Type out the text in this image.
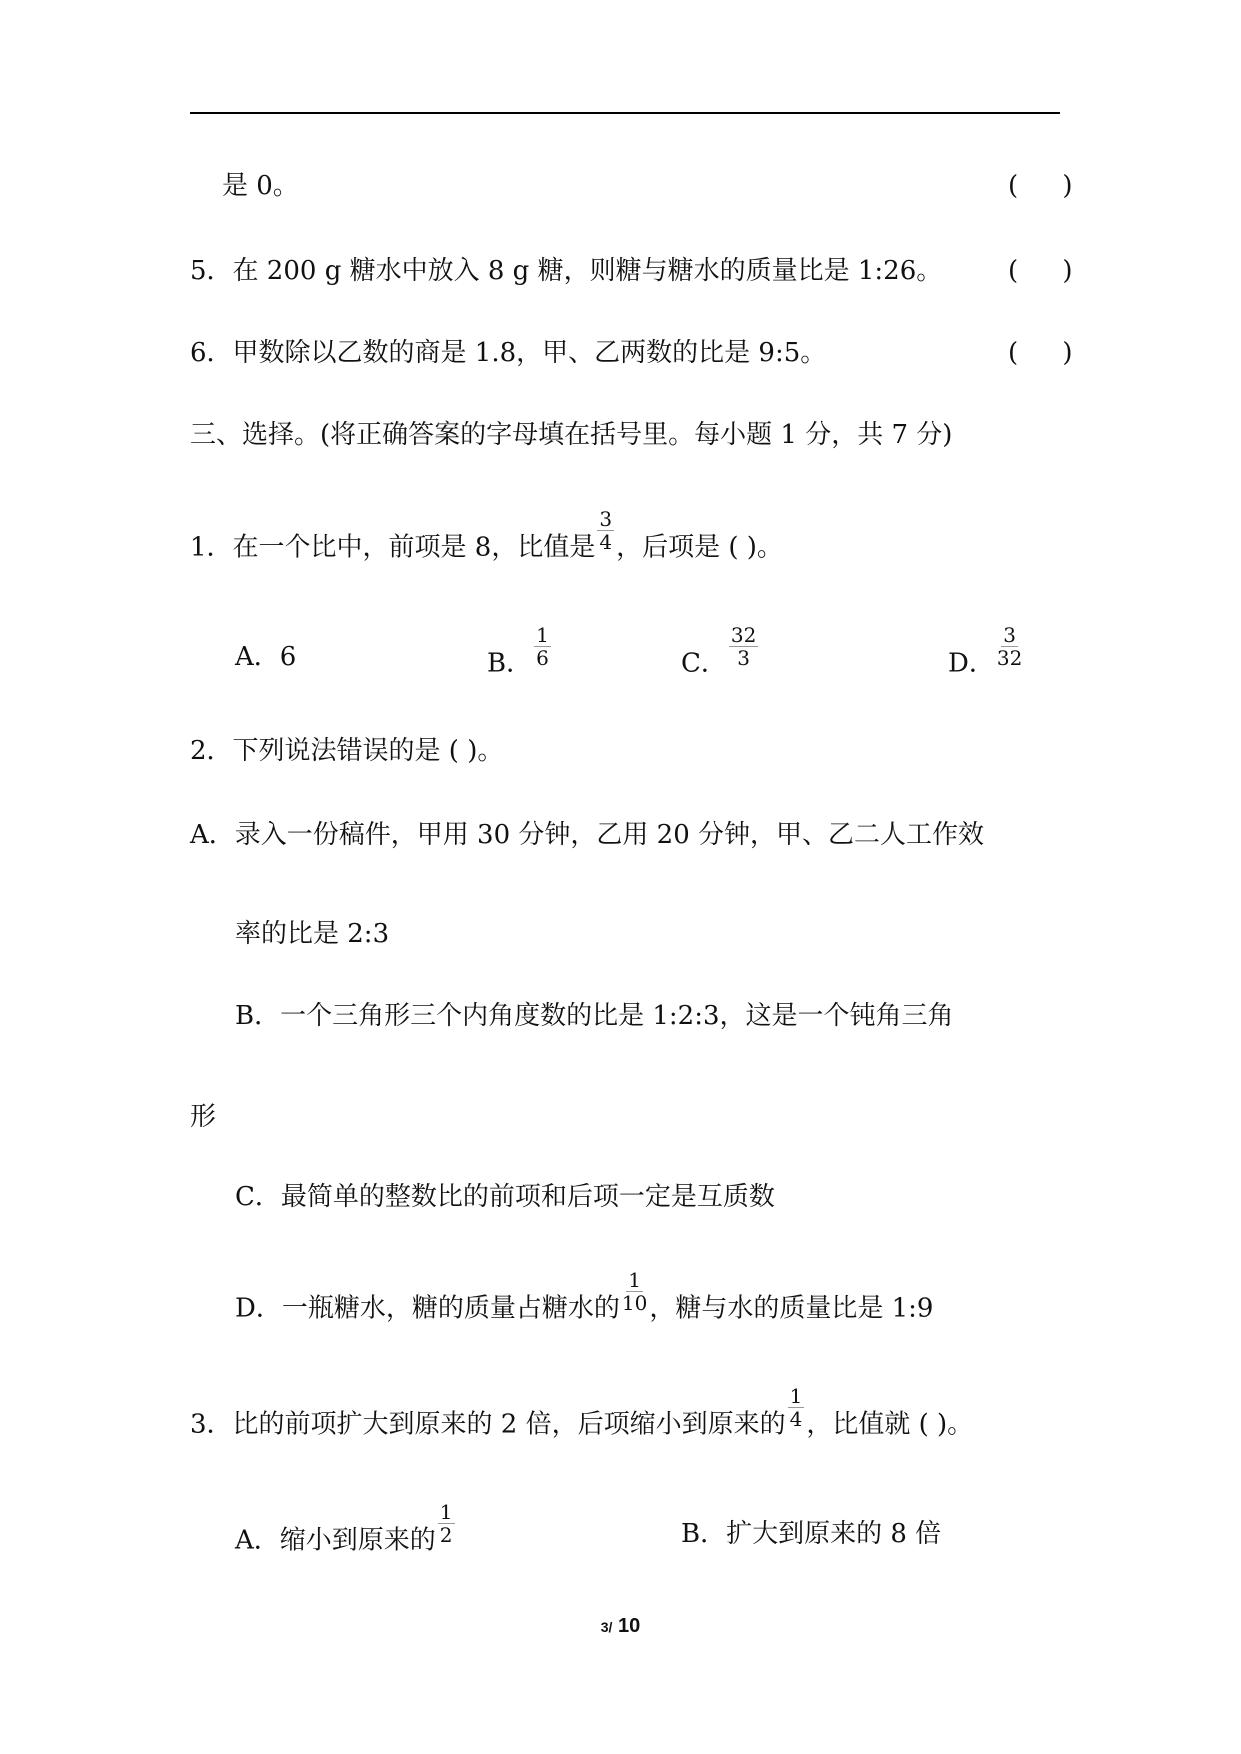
是 0。	( )
5．在 200 g 糖水中放入 8 g 糖，则糖与糖水的质量比是 1:26。	( )
6．甲数除以乙数的商是 1.8，甲、乙两数的比是 9:5。	( )
三、选择。(将正确答案的字母填在括号里。每小题 1 分，共 7 分)
1．在一个比中，前项是 8，比值是 $\frac{3}{4}$ ，后项是 ( )。
A．6	B． $\frac{1}{6}$	C． $\frac{32}{3}$	D． $\frac{3}{32}$
2．下列说法错误的是 ( )。
A．录入一份稿件，甲用 30 分钟，乙用 20 分钟，甲、乙二人工作效
率的比是 2:3
B．一个三角形三个内角度数的比是 1:2:3，这是一个钝角三角
形
C．最简单的整数比的前项和后项一定是互质数
D．一瓶糖水，糖的质量占糖水的 $\frac{1}{10}$ ，糖与水的质量比是 1:9
3．比的前项扩大到原来的 2 倍，后项缩小到原来的 $\frac{1}{4}$ ，比值就 ( )。
A．缩小到原来的 $\frac{1}{2}$	B．扩大到原来的 8 倍
3/ 10
